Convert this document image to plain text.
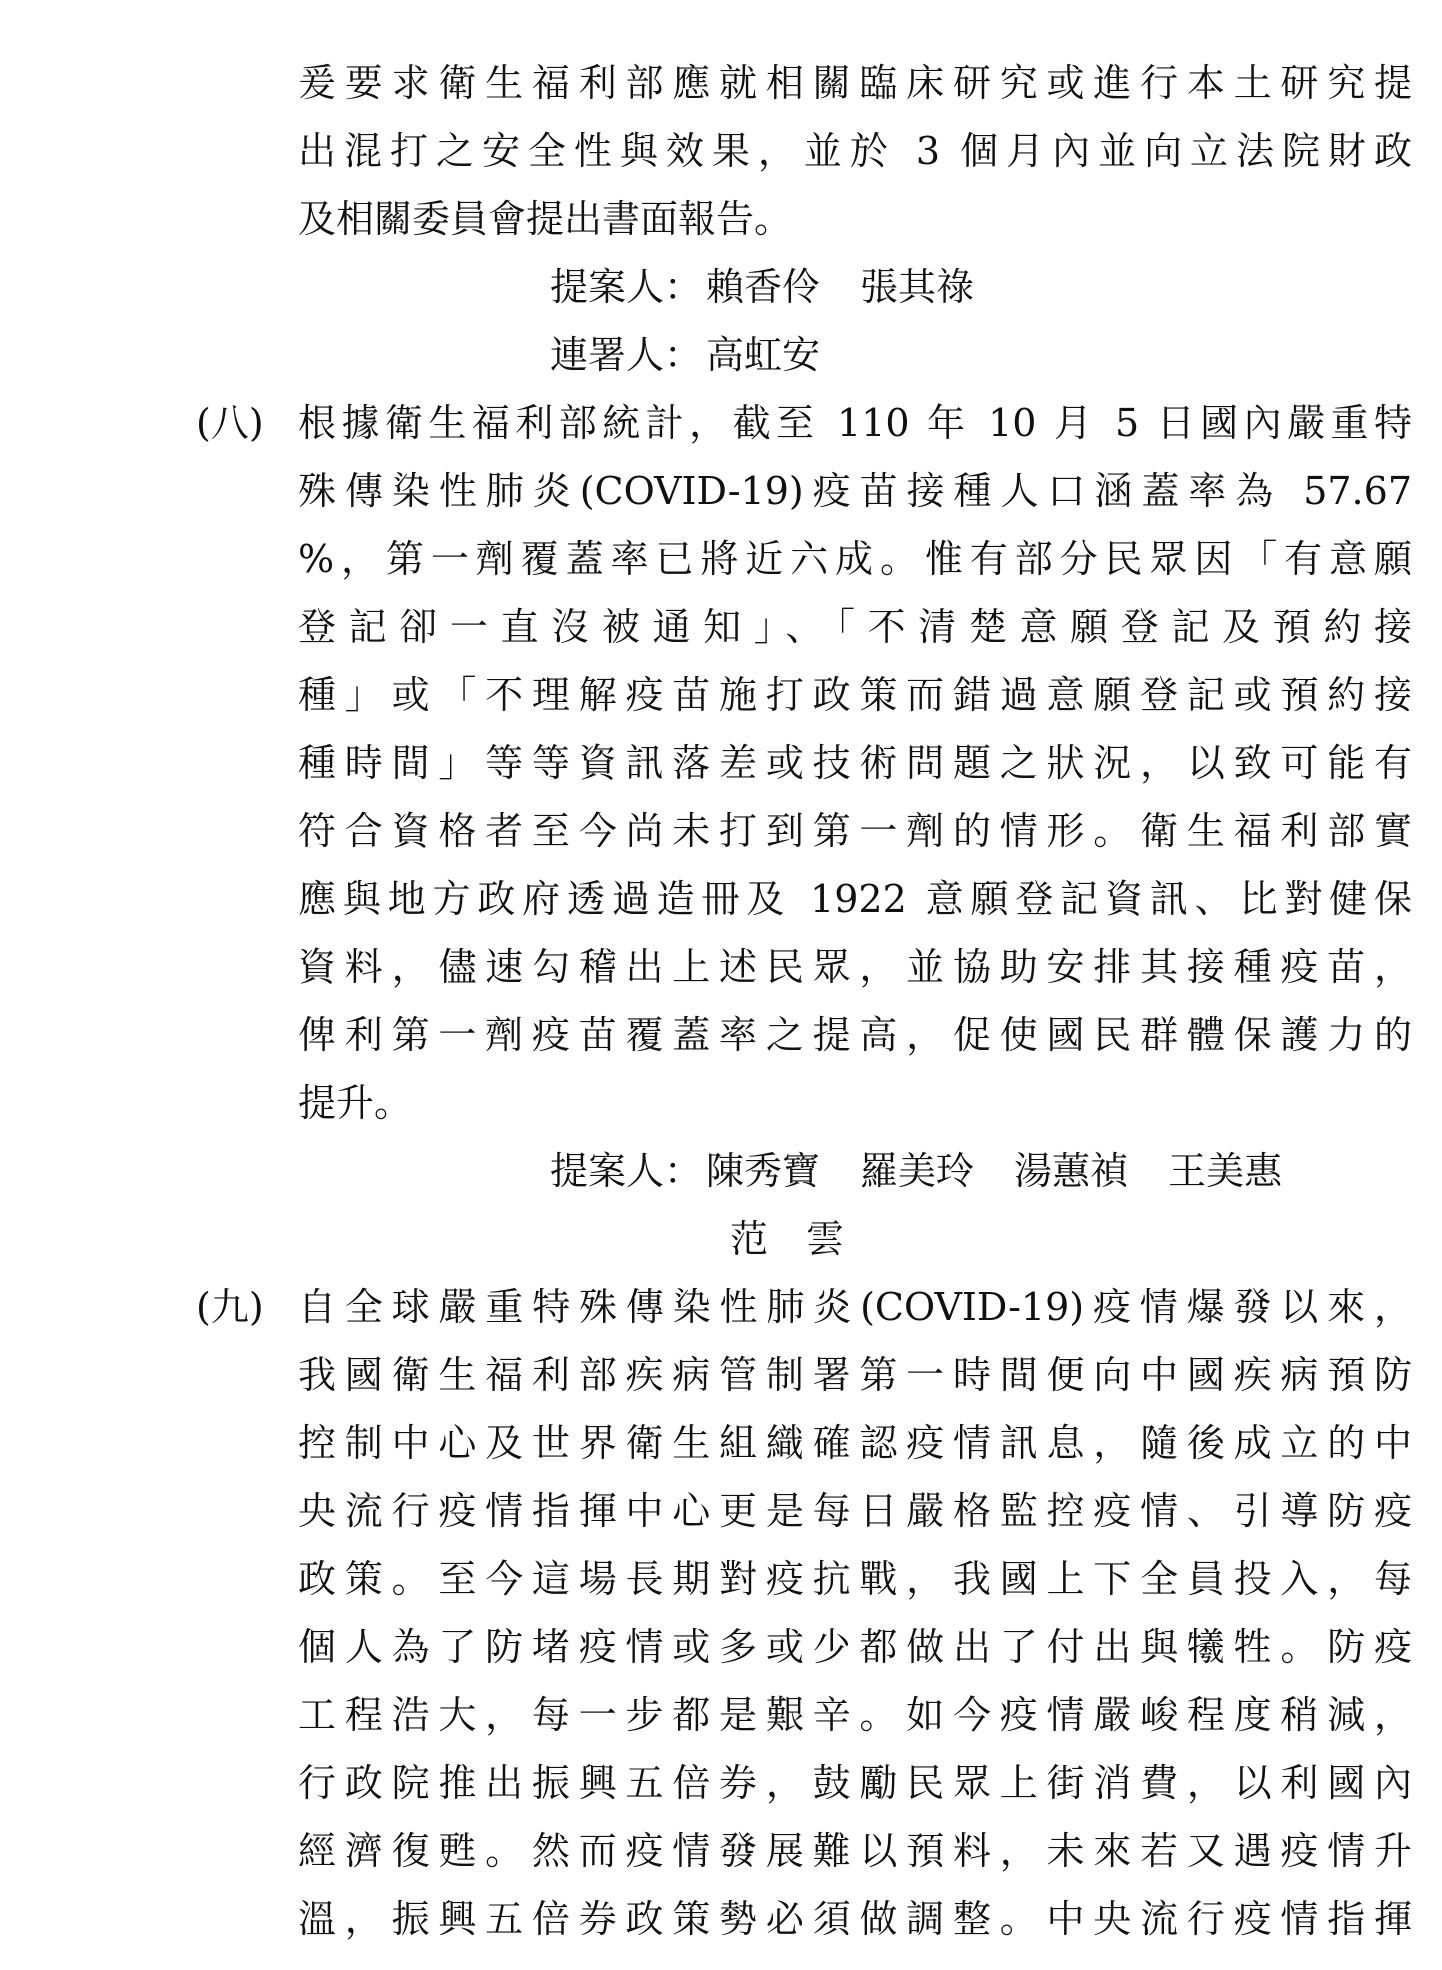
爰要求衛生福利部應就相關臨床研究或進行本土研究提
出混打之安全性與效果，並於 3 個月內並向立法院財政
及相關委員會提出書面報告。
提案人： 賴香伶 張其祿
連署人： 高虹安
(八) 根據衛生福利部統計，截至 110 年 10 月 5 日國內嚴重特
殊傳染性肺炎(COVID-19)疫苗接種人口涵蓋率為 57.67
%，第一劑覆蓋率已將近六成。惟有部分民眾因「有意願
登記卻一直沒被通知」、「不清楚意願登記及預約接
種」或「不理解疫苗施打政策而錯過意願登記或預約接
種時間」等等資訊落差或技術問題之狀況，以致可能有
符合資格者至今尚未打到第一劑的情形。衛生福利部實
應與地方政府透過造冊及 1922 意願登記資訊、比對健保
資料，儘速勾稽出上述民眾，並協助安排其接種疫苗，
俾利第一劑疫苗覆蓋率之提高，促使國民群體保護力的
提升。
提案人： 陳秀寶 羅美玲 湯蕙禎 王美惠
范　雲
(九) 自全球嚴重特殊傳染性肺炎(COVID-19)疫情爆發以來，
我國衛生福利部疾病管制署第一時間便向中國疾病預防
控制中心及世界衛生組織確認疫情訊息，隨後成立的中
央流行疫情指揮中心更是每日嚴格監控疫情、引導防疫
政策。至今這場長期對疫抗戰，我國上下全員投入，每
個人為了防堵疫情或多或少都做出了付出與犧牲。防疫
工程浩大，每一步都是艱辛。如今疫情嚴峻程度稍減，
行政院推出振興五倍券，鼓勵民眾上街消費，以利國內
經濟復甦。然而疫情發展難以預料，未來若又遇疫情升
溫，振興五倍券政策勢必須做調整。中央流行疫情指揮
